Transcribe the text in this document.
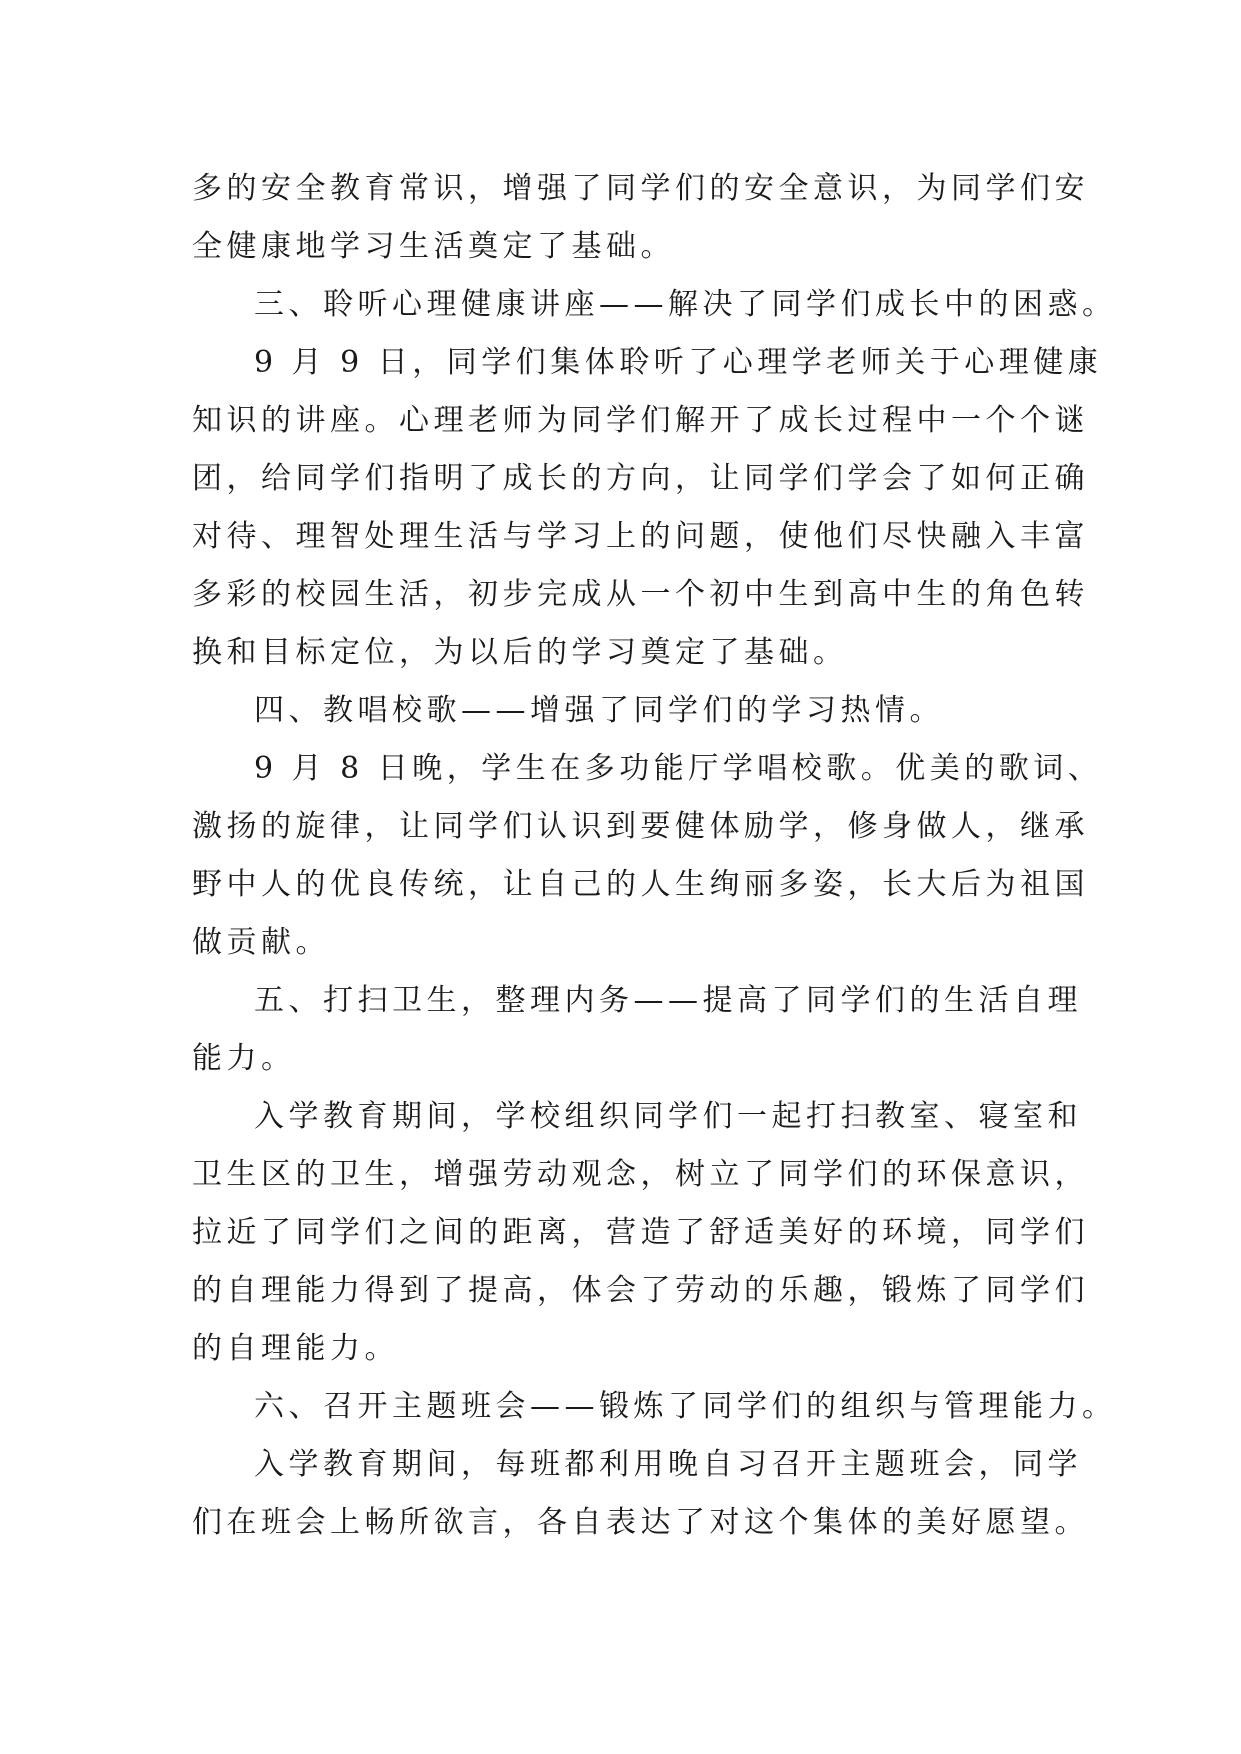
多的安全教育常识，增强了同学们的安全意识，为同学们安
全健康地学习生活奠定了基础。
三、聆听心理健康讲座——解决了同学们成长中的困惑。
9 月 9 日，同学们集体聆听了心理学老师关于心理健康
知识的讲座。心理老师为同学们解开了成长过程中一个个谜
团，给同学们指明了成长的方向，让同学们学会了如何正确
对待、理智处理生活与学习上的问题，使他们尽快融入丰富
多彩的校园生活，初步完成从一个初中生到高中生的角色转
换和目标定位，为以后的学习奠定了基础。
四、教唱校歌——增强了同学们的学习热情。
9 月 8 日晚，学生在多功能厅学唱校歌。优美的歌词、
激扬的旋律，让同学们认识到要健体励学，修身做人，继承
野中人的优良传统，让自己的人生绚丽多姿，长大后为祖国
做贡献。
五、打扫卫生，整理内务——提高了同学们的生活自理
能力。
入学教育期间，学校组织同学们一起打扫教室、寝室和
卫生区的卫生，增强劳动观念，树立了同学们的环保意识，
拉近了同学们之间的距离，营造了舒适美好的环境，同学们
的自理能力得到了提高，体会了劳动的乐趣，锻炼了同学们
的自理能力。
六、召开主题班会——锻炼了同学们的组织与管理能力。
入学教育期间，每班都利用晚自习召开主题班会，同学
们在班会上畅所欲言，各自表达了对这个集体的美好愿望。
